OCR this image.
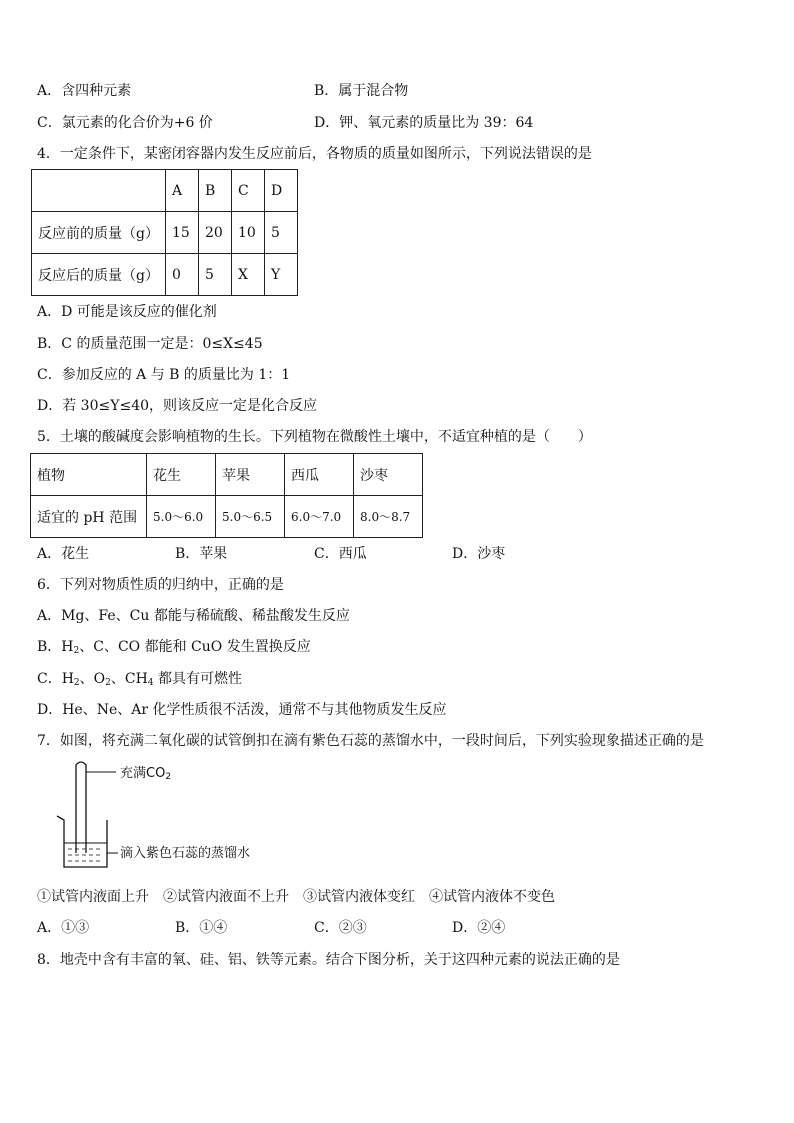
A．含四种元素	B．属于混合物
C．氯元素的化合价为+6 价	D．钾、氧元素的质量比为 39：64
4．一定条件下，某密闭容器内发生反应前后，各物质的质量如图所示，下列说法错误的是
	A	B	C	D
反应前的质量（g）	15	20	10	5
反应后的质量（g）	0	5	X	Y
A．D 可能是该反应的催化剂
B．C 的质量范围一定是：0≤X≤45
C．参加反应的 A 与 B 的质量比为 1：1
D．若 30≤Y≤40，则该反应一定是化合反应
5．土壤的酸碱度会影响植物的生长。下列植物在微酸性土壤中，不适宜种植的是（　　）
植物	花生	苹果	西瓜	沙枣
适宜的 pH 范围	5.0～6.0	5.0～6.5	6.0～7.0	8.0～8.7
A．花生	B．苹果	C．西瓜	D．沙枣
6．下列对物质性质的归纳中，正确的是
A．Mg、Fe、Cu 都能与稀硫酸、稀盐酸发生反应
B．$H_2$、C、CO 都能和 CuO 发生置换反应
C．$H_2$、$O_2$、$CH_4$ 都具有可燃性
D．He、Ne、Ar 化学性质很不活泼，通常不与其他物质发生反应
7．如图，将充满二氧化碳的试管倒扣在滴有紫色石蕊的蒸馏水中，一段时间后，下列实验现象描述正确的是
充满$CO_2$
滴入紫色石蕊的蒸馏水
①试管内液面上升　②试管内液面不上升　③试管内液体变红　④试管内液体不变色
A．①③	B．①④	C．②③	D．②④
8．地壳中含有丰富的氧、硅、铝、铁等元素。结合下图分析，关于这四种元素的说法正确的是
